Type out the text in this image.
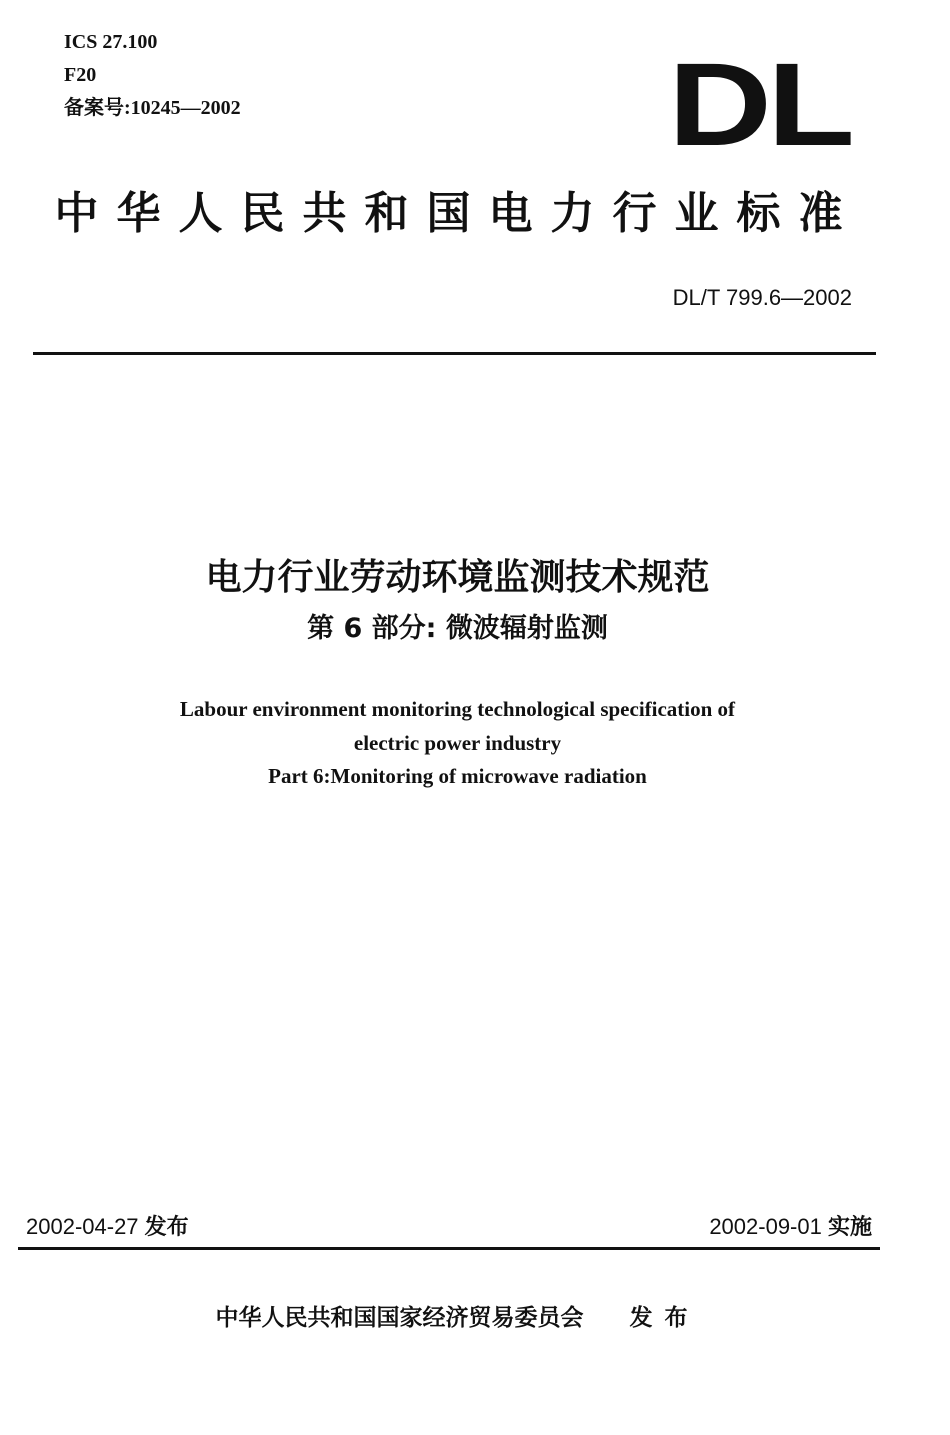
ICS 27.100
F20
备案号:10245—2002	DL
中华人民共和国电力行业标准
DL/T 799.6—2002
电力行业劳动环境监测技术规范
第 6 部分: 微波辐射监测
Labour environment monitoring technological specification of
electric power industry
Part 6:Monitoring of microwave radiation
2002-04-27 发布	2002-09-01 实施
中华人民共和国国家经济贸易委员会 发布
